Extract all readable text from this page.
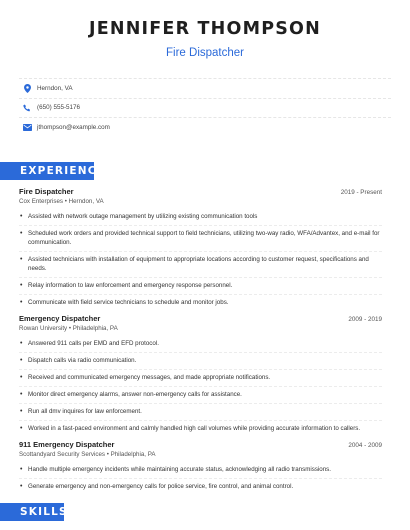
JENNIFER THOMPSON
Fire Dispatcher
Herndon, VA
(650) 555-5176
jthompson@example.com
EXPERIENCE
Fire Dispatcher	2019 - Present
Cox Enterprises • Herndon, VA
• Assisted with network outage management by utilizing existing communication tools
• Scheduled work orders and provided technical support to field technicians, utilizing two-way radio, WFA/Advantex, and e-mail for communication.
• Assisted technicians with installation of equipment to appropriate locations according to customer request, specifications and needs.
• Relay information to law enforcement and emergency response personnel.
• Communicate with field service technicians to schedule and monitor jobs.
Emergency Dispatcher	2009 - 2019
Rowan University • Philadelphia, PA
• Answered 911 calls per EMD and EFD protocol.
• Dispatch calls via radio communication.
• Received and communicated emergency messages, and made appropriate notifications.
• Monitor direct emergency alarms, answer non-emergency calls for assistance.
• Run all dmv inquires for law enforcement.
• Worked in a fast-paced environment and calmly handled high call volumes while providing accurate information to callers.
911 Emergency Dispatcher	2004 - 2009
Scottandyard Security Services • Philadelphia, PA
• Handle multiple emergency incidents while maintaining accurate status, acknowledging all radio transmissions.
• Generate emergency and non-emergency calls for police service, fire control, and animal control.
SKILLS
